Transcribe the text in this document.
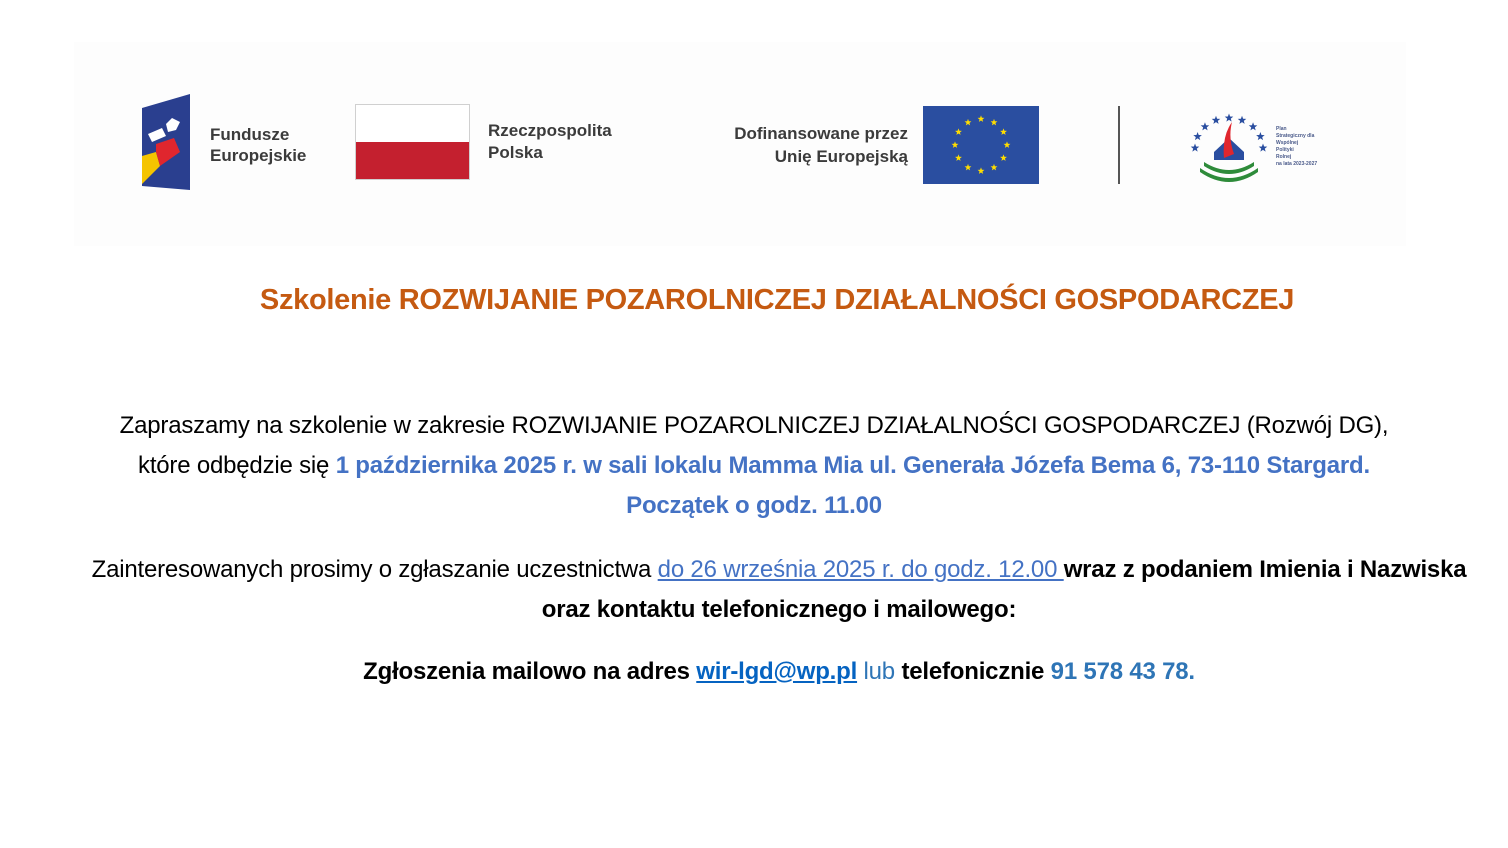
Fundusze
Europejskie
Rzeczpospolita
Polska
Dofinansowane przez
Unię Europejską
Plan
Strategiczny dla
Wspólnej
Polityki
Rolnej
na lata 2023-2027
Szkolenie ROZWIJANIE POZAROLNICZEJ DZIAŁALNOŚCI GOSPODARCZEJ
Zapraszamy na szkolenie w zakresie ROZWIJANIE POZAROLNICZEJ DZIAŁALNOŚCI GOSPODARCZEJ (Rozwój DG), które odbędzie się 1 października 2025 r. w sali lokalu Mamma Mia ul. Generała Józefa Bema 6, 73-110 Stargard. Początek o godz. 11.00
Zainteresowanych prosimy o zgłaszanie uczestnictwa do 26 września 2025 r. do godz. 12.00 wraz z podaniem Imienia i Nazwiska oraz kontaktu telefonicznego i mailowego:
Zgłoszenia mailowo na adres wir-lgd@wp.pl lub telefonicznie 91 578 43 78.
